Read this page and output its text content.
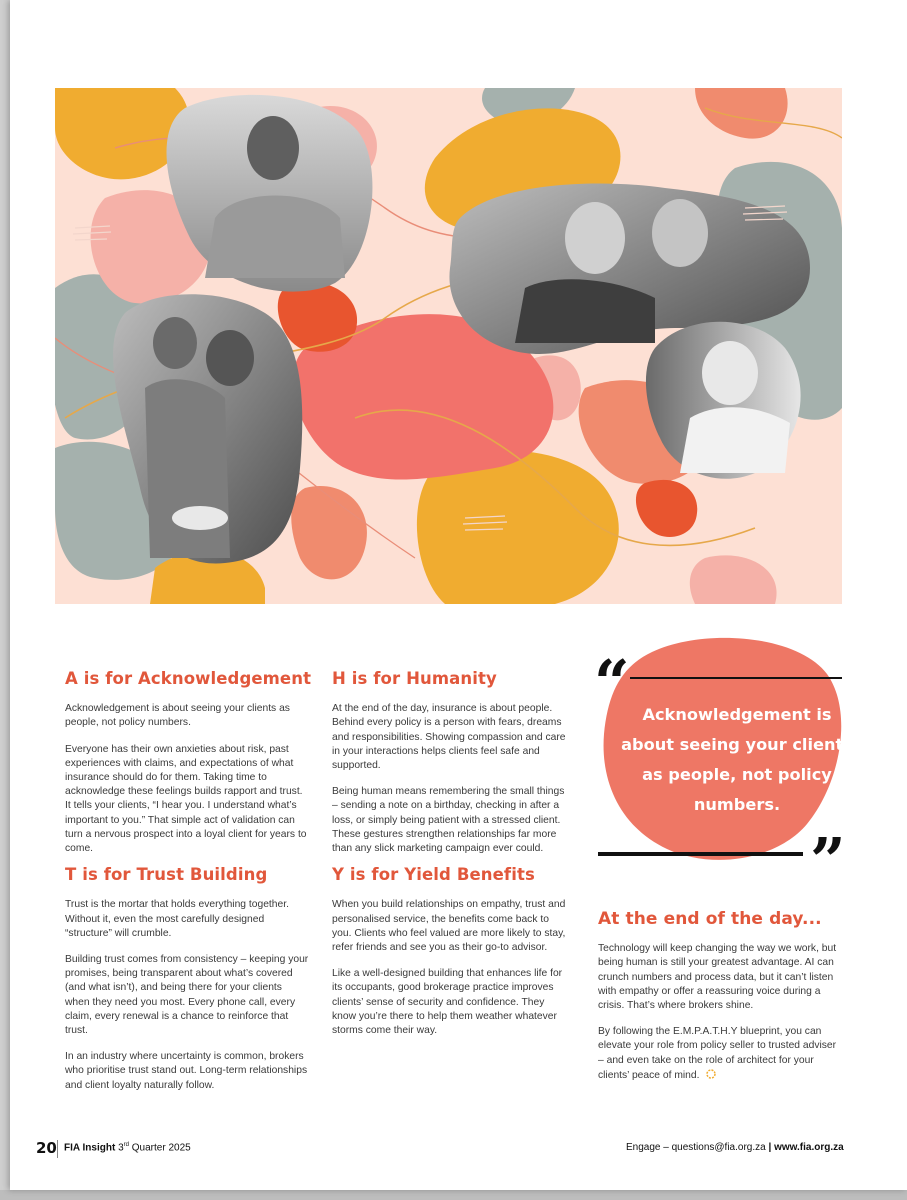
A is for Acknowledgement

Acknowledgement is about seeing your clients as people, not policy numbers.

Everyone has their own anxieties about risk, past experiences with claims, and expectations of what insurance should do for them. Taking time to acknowledge these feelings builds rapport and trust. It tells your clients, “I hear you. I understand what’s important to you.” That simple act of validation can turn a nervous prospect into a loyal client for years to come.

T is for Trust Building

Trust is the mortar that holds everything together. Without it, even the most carefully designed “structure” will crumble.

Building trust comes from consistency – keeping your promises, being transparent about what’s covered (and what isn’t), and being there for your clients when they need you most. Every phone call, every claim, every renewal is a chance to reinforce that trust.

In an industry where uncertainty is common, brokers who prioritise trust stand out. Long-term relationships and client loyalty naturally follow.

H is for Humanity

At the end of the day, insurance is about people. Behind every policy is a person with fears, dreams and responsibilities. Showing compassion and care in your interactions helps clients feel safe and supported.

Being human means remembering the small things – sending a note on a birthday, checking in after a loss, or simply being patient with a stressed client. These gestures strengthen relationships far more than any slick marketing campaign ever could.

Y is for Yield Benefits

When you build relationships on empathy, trust and personalised service, the benefits come back to you. Clients who feel valued are more likely to stay, refer friends and see you as their go-to advisor.

Like a well-designed building that enhances life for its occupants, good brokerage practice improves clients’ sense of security and confidence. They know you’re there to help them weather whatever storms come their way.

“ Acknowledgement is about seeing your clients as people, not policy numbers.
”
At the end of the day...

Technology will keep changing the way we work, but being human is still your greatest advantage. AI can crunch numbers and process data, but it can’t listen with empathy or offer a reassuring voice during a crisis. That’s where brokers shine.

By following the E.M.P.A.T.H.Y blueprint, you can elevate your role from policy seller to trusted adviser – and even take on the role of architect for your clients’ peace of mind.

20 FIA Insight 3rd Quarter 2025	Engage – questions@fia.org.za | www.fia.org.za
